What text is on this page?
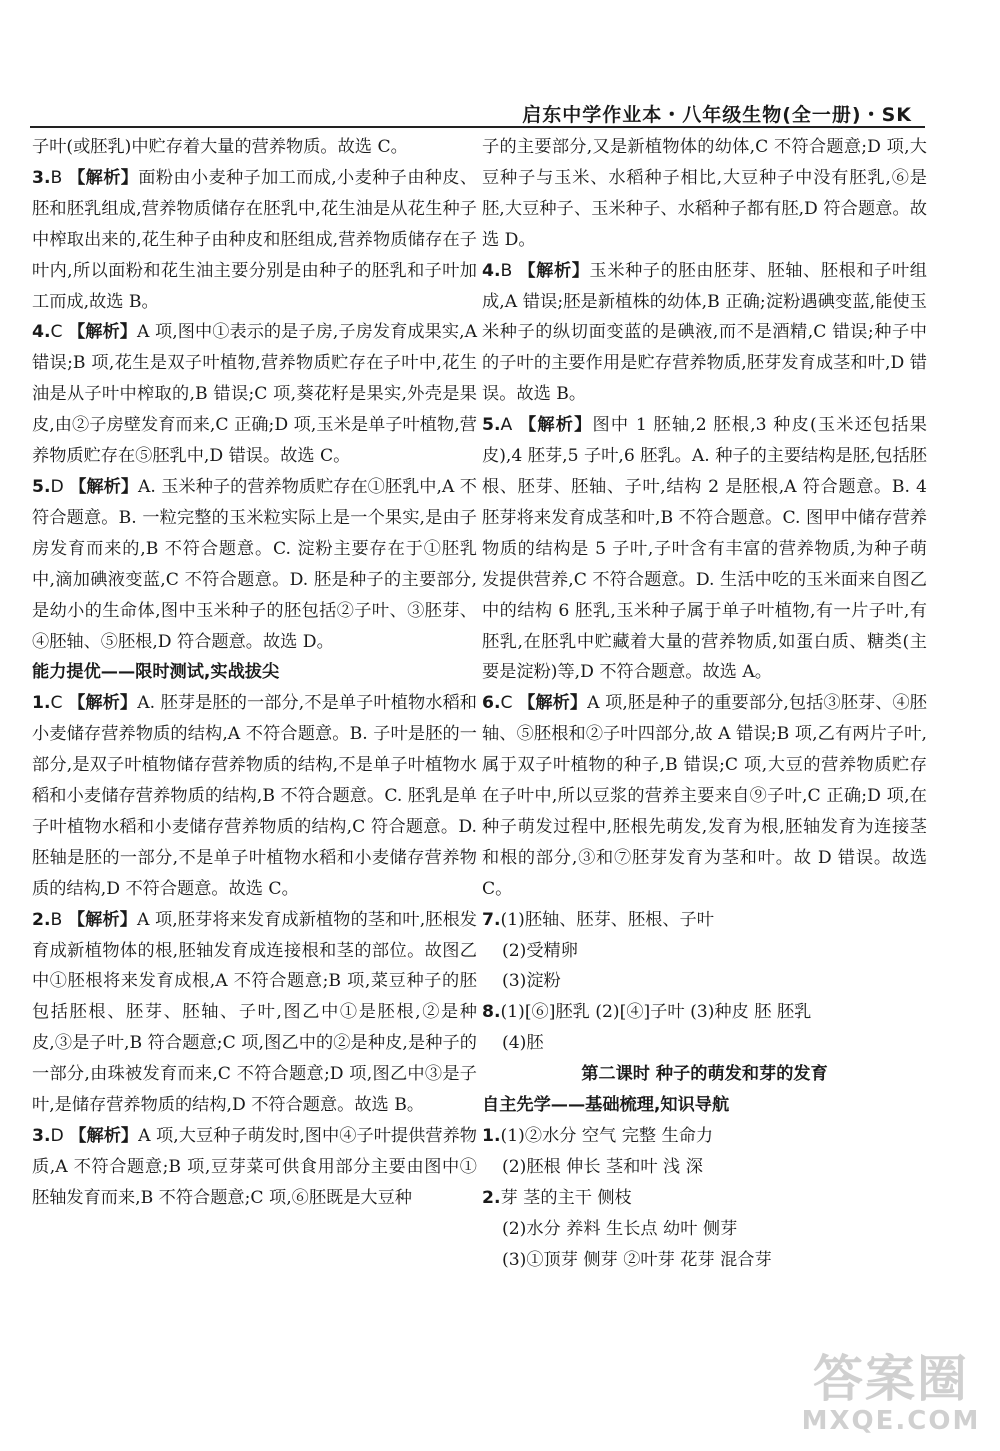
启东中学作业本・八年级生物(全一册)・SK

子叶(或胚乳)中贮存着大量的营养物质。故选 C。

3.B 【解析】面粉由小麦种子加工而成,小麦种子由种皮、胚和胚乳组成,营养物质储存在胚乳中,花生油是从花生种子中榨取出来的,花生种子由种皮和胚组成,营养物质储存在子叶内,所以面粉和花生油主要分别是由种子的胚乳和子叶加工而成,故选 B。

4.C 【解析】A 项,图中①表示的是子房,子房发育成果实,A 错误;B 项,花生是双子叶植物,营养物质贮存在子叶中,花生油是从子叶中榨取的,B 错误;C 项,葵花籽是果实,外壳是果皮,由②子房壁发育而来,C 正确;D 项,玉米是单子叶植物,营养物质贮存在⑤胚乳中,D 错误。故选 C。

5.D 【解析】A. 玉米种子的营养物质贮存在①胚乳中,A 不符合题意。B. 一粒完整的玉米粒实际上是一个果实,是由子房发育而来的,B 不符合题意。C. 淀粉主要存在于①胚乳中,滴加碘液变蓝,C 不符合题意。D. 胚是种子的主要部分,是幼小的生命体,图中玉米种子的胚包括②子叶、③胚芽、④胚轴、⑤胚根,D 符合题意。故选 D。

能力提优——限时测试,实战拔尖

1.C 【解析】A. 胚芽是胚的一部分,不是单子叶植物水稻和小麦储存营养物质的结构,A 不符合题意。B. 子叶是胚的一部分,是双子叶植物储存营养物质的结构,不是单子叶植物水稻和小麦储存营养物质的结构,B 不符合题意。C. 胚乳是单子叶植物水稻和小麦储存营养物质的结构,C 符合题意。D. 胚轴是胚的一部分,不是单子叶植物水稻和小麦储存营养物质的结构,D 不符合题意。故选 C。

2.B 【解析】A 项,胚芽将来发育成新植物的茎和叶,胚根发育成新植物体的根,胚轴发育成连接根和茎的部位。故图乙中①胚根将来发育成根,A 不符合题意;B 项,菜豆种子的胚包括胚根、胚芽、胚轴、子叶,图乙中①是胚根,②是种皮,③是子叶,B 符合题意;C 项,图乙中的②是种皮,是种子的一部分,由珠被发育而来,C 不符合题意;D 项,图乙中③是子叶,是储存营养物质的结构,D 不符合题意。故选 B。

3.D 【解析】A 项,大豆种子萌发时,图中④子叶提供营养物质,A 不符合题意;B 项,豆芽菜可供食用部分主要由图中①胚轴发育而来,B 不符合题意;C 项,⑥胚既是大豆种

子的主要部分,又是新植物体的幼体,C 不符合题意;D 项,大豆种子与玉米、水稻种子相比,大豆种子中没有胚乳,⑥是胚,大豆种子、玉米种子、水稻种子都有胚,D 符合题意。故选 D。

4.B 【解析】玉米种子的胚由胚芽、胚轴、胚根和子叶组成,A 错误;胚是新植株的幼体,B 正确;淀粉遇碘变蓝,能使玉米种子的纵切面变蓝的是碘液,而不是酒精,C 错误;种子中的子叶的主要作用是贮存营养物质,胚芽发育成茎和叶,D 错误。故选 B。

5.A 【解析】图中 1 胚轴,2 胚根,3 种皮(玉米还包括果皮),4 胚芽,5 子叶,6 胚乳。A. 种子的主要结构是胚,包括胚根、胚芽、胚轴、子叶,结构 2 是胚根,A 符合题意。B. 4 胚芽将来发育成茎和叶,B 不符合题意。C. 图甲中储存营养物质的结构是 5 子叶,子叶含有丰富的营养物质,为种子萌发提供营养,C 不符合题意。D. 生活中吃的玉米面来自图乙中的结构 6 胚乳,玉米种子属于单子叶植物,有一片子叶,有胚乳,在胚乳中贮藏着大量的营养物质,如蛋白质、糖类(主要是淀粉)等,D 不符合题意。故选 A。

6.C 【解析】A 项,胚是种子的重要部分,包括③胚芽、④胚轴、⑤胚根和②子叶四部分,故 A 错误;B 项,乙有两片子叶,属于双子叶植物的种子,B 错误;C 项,大豆的营养物质贮存在子叶中,所以豆浆的营养主要来自⑨子叶,C 正确;D 项,在种子萌发过程中,胚根先萌发,发育为根,胚轴发育为连接茎和根的部分,③和⑦胚芽发育为茎和叶。故 D 错误。故选 C。

7.(1)胚轴、胚芽、胚根、子叶

(2)受精卵

(3)淀粉

8.(1)[⑥]胚乳 (2)[④]子叶 (3)种皮 胚 胚乳

(4)胚

第二课时 种子的萌发和芽的发育

自主先学——基础梳理,知识导航

1.(1)②水分 空气 完整 生命力

(2)胚根 伸长 茎和叶 浅 深

2.芽 茎的主干 侧枝

(2)水分 养料 生长点 幼叶 侧芽

(3)①顶芽 侧芽 ②叶芽 花芽 混合芽

答案圈
MXQE.COM
